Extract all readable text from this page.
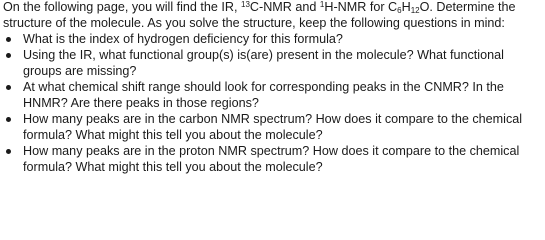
On the following page, you will find the IR, $^{13}$C-NMR and $^1$H-NMR for $C_6H_{12}O$. Determine the structure of the molecule. As you solve the structure, keep the following questions in mind:

What is the index of hydrogen deficiency for this formula?
Using the IR, what functional group(s) is(are) present in the molecule? What functional groups are missing?
At what chemical shift range should look for corresponding peaks in the CNMR? In the HNMR? Are there peaks in those regions?
How many peaks are in the carbon NMR spectrum? How does it compare to the chemical formula? What might this tell you about the molecule?
How many peaks are in the proton NMR spectrum? How does it compare to the chemical formula? What might this tell you about the molecule?
